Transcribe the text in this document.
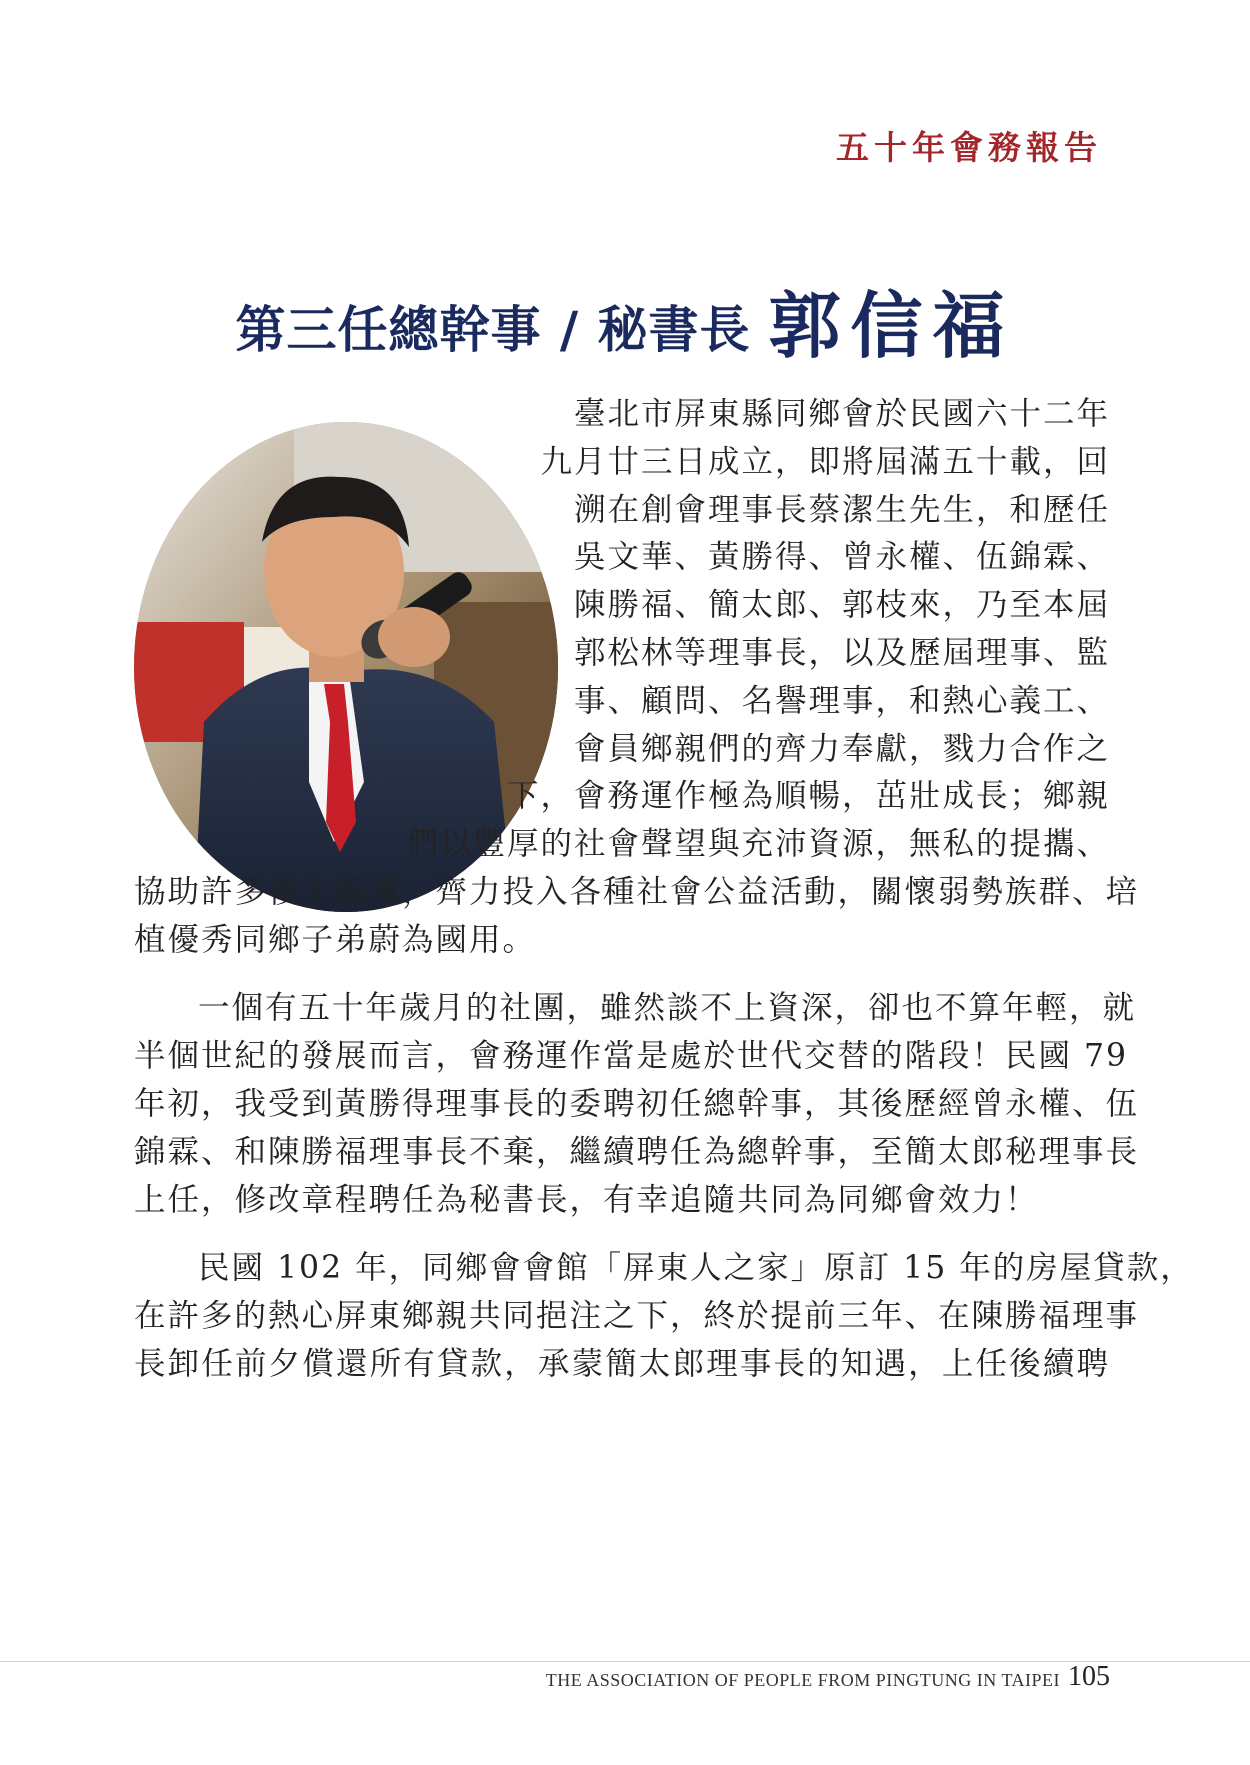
五十年會務報告
第三任總幹事 / 秘書長 郭信福
臺北市屏東縣同鄉會於民國六十二年
九月廿三日成立，即將屆滿五十載，回
溯在創會理事長蔡潔生先生，和歷任
吳文華、黃勝得、曾永權、伍錦霖、
陳勝福、簡太郎、郭枝來，乃至本屆
郭松林等理事長，以及歷屆理事、監
事、顧問、名譽理事，和熱心義工、
會員鄉親們的齊力奉獻，戮力合作之
下，會務運作極為順暢，茁壯成長；鄉親
們以豐厚的社會聲望與充沛資源，無私的提攜、
協助許多後生晚輩，齊力投入各種社會公益活動，關懷弱勢族群、培
植優秀同鄉子弟蔚為國用。
一個有五十年歲月的社團，雖然談不上資深，卻也不算年輕，就
半個世紀的發展而言，會務運作當是處於世代交替的階段！民國 79
年初，我受到黃勝得理事長的委聘初任總幹事，其後歷經曾永權、伍
錦霖、和陳勝福理事長不棄，繼續聘任為總幹事，至簡太郎秘理事長
上任，修改章程聘任為秘書長，有幸追隨共同為同鄉會效力！
民國 102 年，同鄉會會館「屏東人之家」原訂 15 年的房屋貸款，
在許多的熱心屏東鄉親共同挹注之下，終於提前三年、在陳勝福理事
長卸任前夕償還所有貸款，承蒙簡太郎理事長的知遇，上任後續聘
THE ASSOCIATION OF PEOPLE FROM PINGTUNG IN TAIPEI 105
